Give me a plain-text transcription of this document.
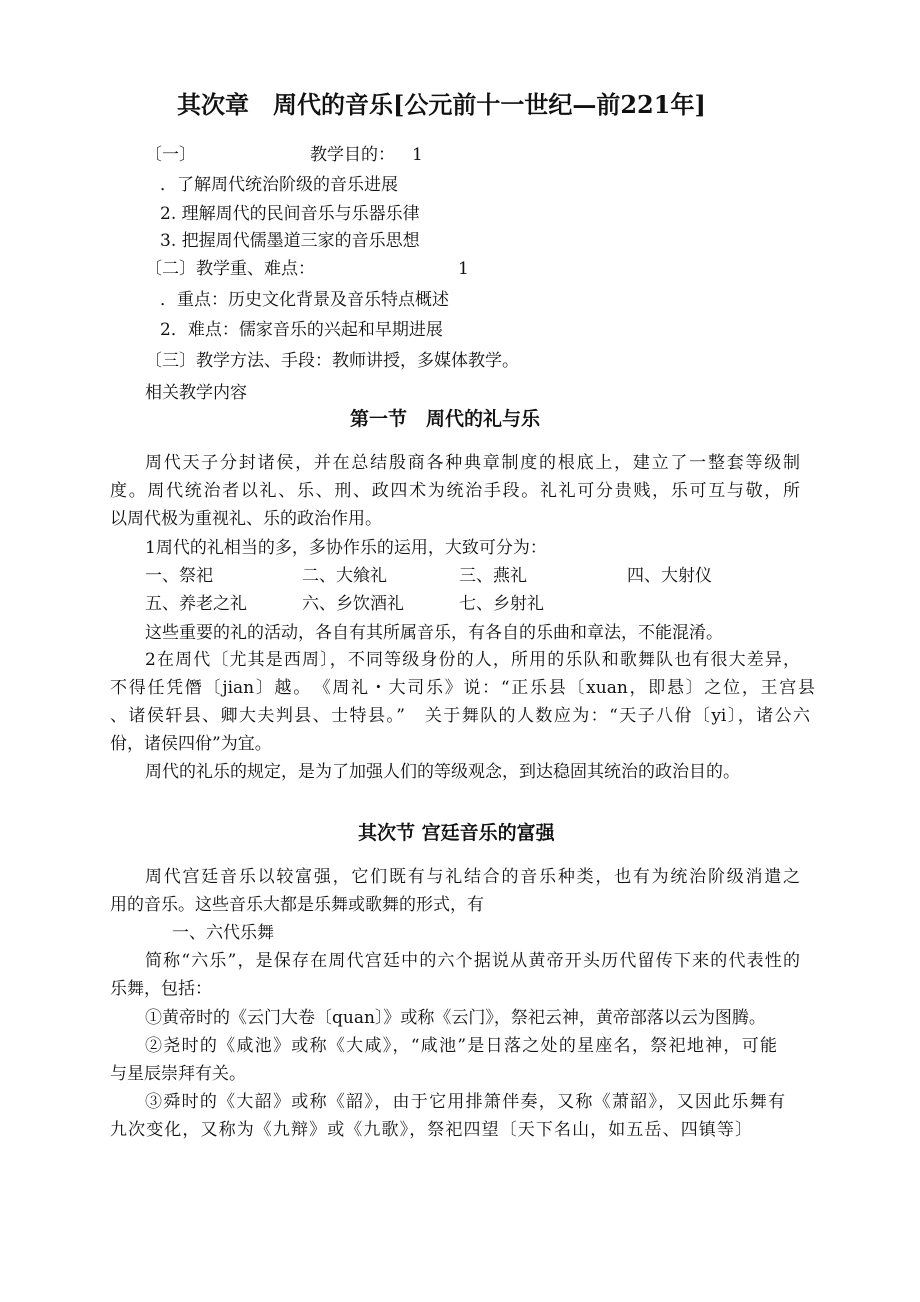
其次章　周代的音乐[公元前十一世纪—前221年]
〔一〕	教学目的： 1
．了解周代统治阶级的音乐进展
2. 理解周代的民间音乐与乐器乐律
3. 把握周代儒墨道三家的音乐思想
〔二〕教学重、难点：	1
．重点：历史文化背景及音乐特点概述
2．难点：儒家音乐的兴起和早期进展
〔三〕教学方法、手段：教师讲授，多媒体教学。
相关教学内容
第一节　周代的礼与乐
周代天子分封诸侯，并在总结殷商各种典章制度的根底上，建立了一整套等级制
度。周代统治者以礼、乐、刑、政四术为统治手段。礼礼可分贵贱，乐可互与敬，所
以周代极为重视礼、乐的政治作用。
1周代的礼相当的多，多协作乐的运用，大致可分为：
一、祭祀	二、大飨礼	三、燕礼	四、大射仪
五、养老之礼	六、乡饮酒礼	七、乡射礼
这些重要的礼的活动，各自有其所属音乐，有各自的乐曲和章法，不能混淆。
2在周代〔尤其是西周〕，不同等级身份的人，所用的乐队和歌舞队也有很大差异，
不得任凭僭〔jian〕越。　《周礼・大司乐》说：“正乐县〔xuan，即悬〕之位，王宫县
、诸侯轩县、卿大夫判县、士特县。”　关于舞队的人数应为：“天子八佾〔yi〕，诸公六
佾，诸侯四佾”为宜。
周代的礼乐的规定，是为了加强人们的等级观念，到达稳固其统治的政治目的。
其次节 宫廷音乐的富强
周代宫廷音乐以较富强，它们既有与礼结合的音乐种类，也有为统治阶级消遣之
用的音乐。这些音乐大都是乐舞或歌舞的形式，有
一、六代乐舞
简称“六乐”，是保存在周代宫廷中的六个据说从黄帝开头历代留传下来的代表性的
乐舞，包括：
①黄帝时的《云门大卷〔quan〕》或称《云门》，祭祀云神，黄帝部落以云为图腾。
②尧时的《咸池》或称《大咸》，“咸池”是日落之处的星座名，祭祀地神，可能
与星辰崇拜有关。
③舜时的《大韶》或称《韶》，由于它用排箫伴奏，又称《萧韶》，又因此乐舞有
九次变化，又称为《九辩》或《九歌》，祭祀四望〔天下名山，如五岳、四镇等〕
